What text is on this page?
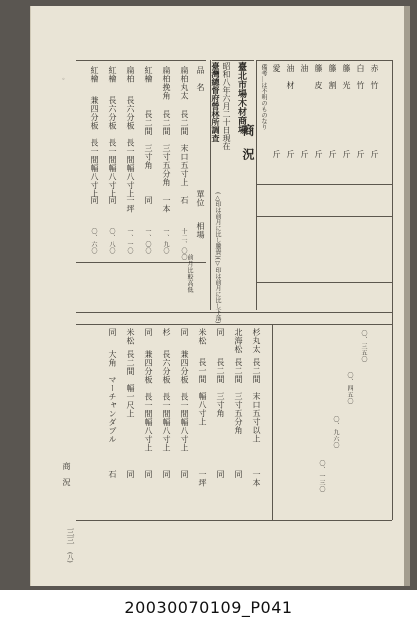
商　況
◦	品　名
單位
相場
前月比較高低
扁柏丸太
長二間　末口五寸上
石
十二、〇〇
扁柏挽角
長二間　三寸五分角
一本
一、九〇
紅檜
長二間　三寸角
同
一、〇〇
扁柏
長六分板　長一間幅八寸上
一坪
一、一〇
紅檜
長六分板　長一間幅八寸上
同
〇、八〇
紅檜
兼四分板　長一間幅八寸上
同
〇、六〇
臺北市場木材商場
昭和八年六月二十日現在
(△印は前月に比し騰貴)(▽印は前月に比し下落)
臺灣總督府營林所調査 商　況
赤　竹
斤
白　竹
斤
籐　光
斤
籐　割
斤
籐　皮
斤
油
斤
油　材
斤
愛
斤
備考…は不明のものなり
杉丸太
長二間　末口五寸以上
一本
北海松
長二間　三寸五分角
同
同
長二間　三寸角
同
米松
長一間　幅八寸上
一坪
同
兼四分板　長一間幅八寸上
同
杉
長六分板　長一間幅八寸上
同
同
兼四分板　長一間幅八寸上
同
米松
長二間　幅一尺上
同
同
大角　マーチャンダブル
石
〇、三五〇
〇、四五〇
〇、九六〇
〇、一三〇
三三
(八)
20030070109_P041
